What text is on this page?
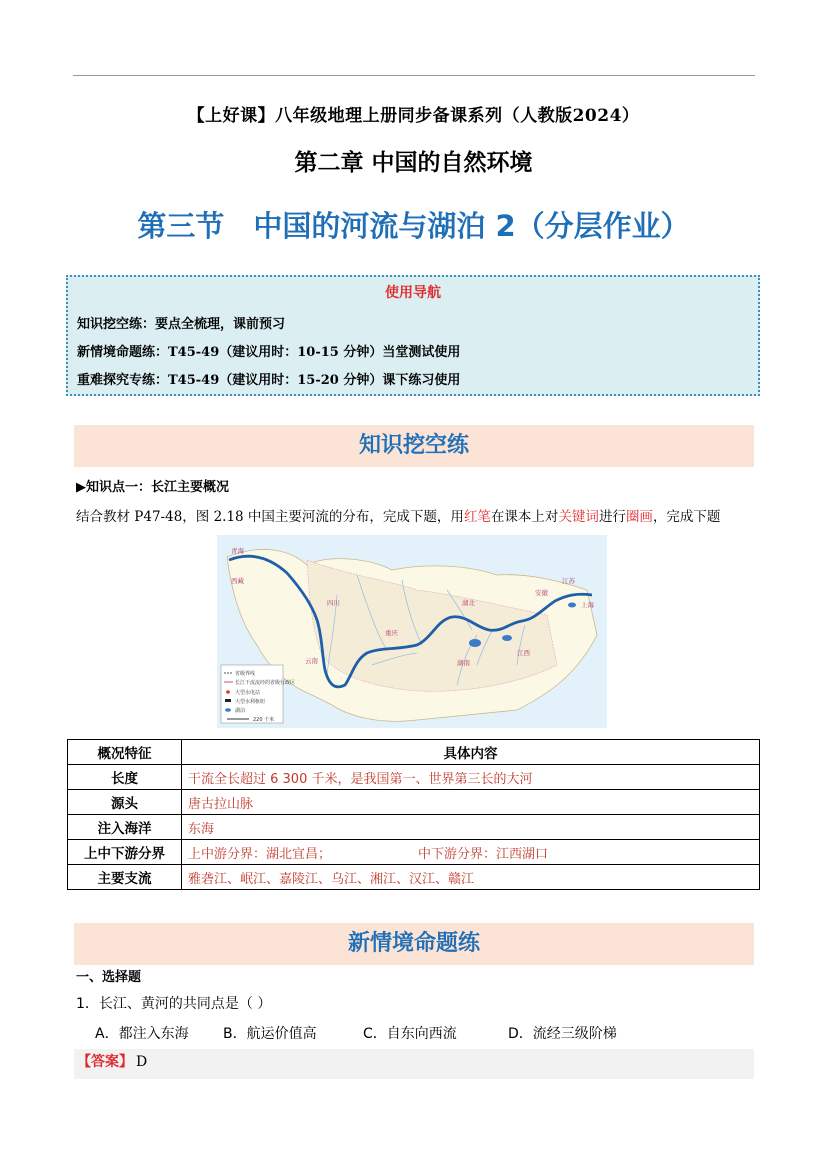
【上好课】八年级地理上册同步备课系列（人教版2024）
第二章 中国的自然环境
第三节　中国的河流与湖泊 2（分层作业）
使用导航
知识挖空练：要点全梳理，课前预习
新情境命题练：T45-49（建议用时：10-15 分钟）当堂测试使用
重难探究专练：T45-49（建议用时：15-20 分钟）课下练习使用
知识挖空练
▶知识点一：长江主要概况
结合教材 P47-48，图 2.18 中国主要河流的分布，完成下题，用红笔在课本上对关键词进行圈画，完成下题
青海
西藏
四川
云南
重庆
湖北
湖南
江西
安徽
江苏
上海
省级界线
长江干流流经的省级行政区
大型水电站
大型水利枢纽
湖泊
220 千米
概况特征	具体内容
长度	干流全长超过 6 300 千米，是我国第一、世界第三长的大河
源头	唐古拉山脉
注入海洋	东海
上中下游分界	上中游分界：湖北宜昌； 中下游分界：江西湖口
主要支流	雅砻江、岷江、嘉陵江、乌江、湘江、汉江、赣江
新情境命题练
一、选择题
1．长江、黄河的共同点是（ ）
A．都注入东海 B．航运价值高	C．自东向西流	D．流经三级阶梯
【答案】 D
